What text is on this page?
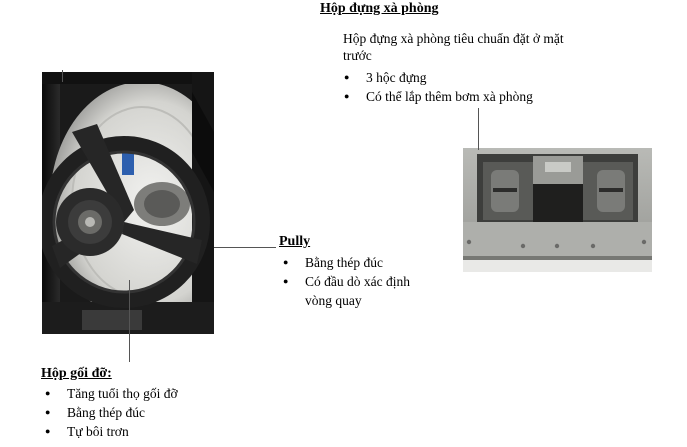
Hộp đựng xà phòng
Hộp đựng xà phòng tiêu chuẩn đặt ở mặt trước
● 3 hộc đựng
● Có thể lắp thêm bơm xà phòng
Pully
● Bằng thép đúc
● Có đầu dò xác định vòng quay
Hộp gối đỡ:
● Tăng tuổi thọ gối đỡ
● Bằng thép đúc
● Tự bôi trơn
